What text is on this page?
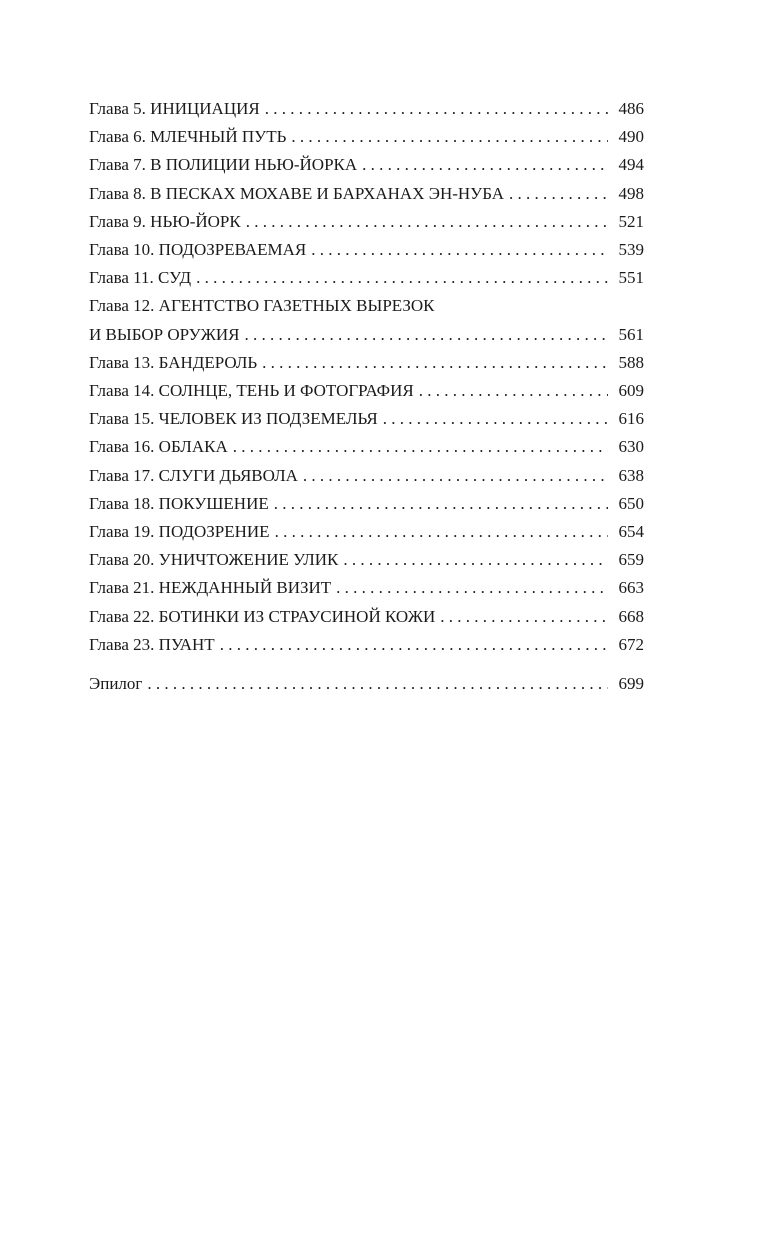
Глава 5. ИНИЦИАЦИЯ . . .	486
Глава 6. МЛЕЧНЫЙ ПУТЬ . . .	490
Глава 7. В ПОЛИЦИИ НЬЮ-ЙОРКА . . .	494
Глава 8. В ПЕСКАХ МОХАВЕ И БАРХАНАХ ЭН-НУБА . . .	498
Глава 9. НЬЮ-ЙОРК . . .	521
Глава 10. ПОДОЗРЕВАЕМАЯ . . .	539
Глава 11. СУД . . .	551
Глава 12. АГЕНТСТВО ГАЗЕТНЫХ ВЫРЕЗОК
И ВЫБОР ОРУЖИЯ . . .	561
Глава 13. БАНДЕРОЛЬ . . .	588
Глава 14. СОЛНЦЕ, ТЕНЬ И ФОТОГРАФИЯ . . .	609
Глава 15. ЧЕЛОВЕК ИЗ ПОДЗЕМЕЛЬЯ . . .	616
Глава 16. ОБЛАКА . . .	630
Глава 17. СЛУГИ ДЬЯВОЛА . . .	638
Глава 18. ПОКУШЕНИЕ . . .	650
Глава 19. ПОДОЗРЕНИЕ . . .	654
Глава 20. УНИЧТОЖЕНИЕ УЛИК . . .	659
Глава 21. НЕЖДАННЫЙ ВИЗИТ . . .	663
Глава 22. БОТИНКИ ИЗ СТРАУСИНОЙ КОЖИ . . .	668
Глава 23. ПУАНТ . . .	672
Эпилог . . .	699
